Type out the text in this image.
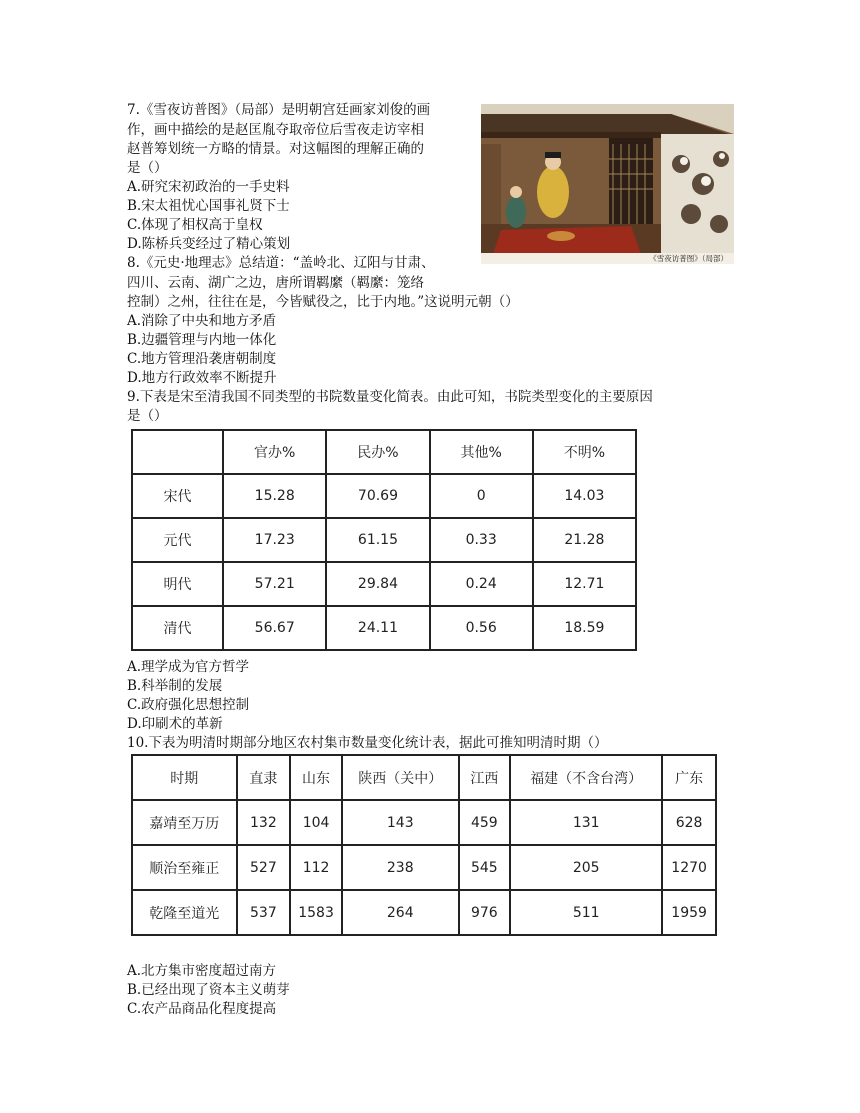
7.《雪夜访普图》（局部）是明朝宫廷画家刘俊的画
作，画中描绘的是赵匡胤夺取帝位后雪夜走访宰相
赵普筹划统一方略的情景。对这幅图的理解正确的
是（）
A.研究宋初政治的一手史料
B.宋太祖忧心国事礼贤下士
C.体现了相权高于皇权
D.陈桥兵变经过了精心策划
《雪夜访普图》（局部）
8.《元史·地理志》总结道：“盖岭北、辽阳与甘肃、
四川、云南、湖广之边，唐所谓羁縻（羁縻：笼络
控制）之州，往往在是，今皆赋役之，比于内地。”这说明元朝（）
A.消除了中央和地方矛盾
B.边疆管理与内地一体化
C.地方管理沿袭唐朝制度
D.地方行政效率不断提升
9.下表是宋至清我国不同类型的书院数量变化简表。由此可知，书院类型变化的主要原因
是（）
	官办%	民办%	其他%	不明%
宋代	15.28	70.69	0	14.03
元代	17.23	61.15	0.33	21.28
明代	57.21	29.84	0.24	12.71
清代	56.67	24.11	0.56	18.59
A.理学成为官方哲学
B.科举制的发展
C.政府强化思想控制
D.印刷术的革新
10.下表为明清时期部分地区农村集市数量变化统计表，据此可推知明清时期（）
时期	直隶	山东	陕西（关中）	江西	福建（不含台湾）	广东
嘉靖至万历	132	104	143	459	131	628
顺治至雍正	527	112	238	545	205	1270
乾隆至道光	537	1583	264	976	511	1959
A.北方集市密度超过南方
B.已经出现了资本主义萌芽
C.农产品商品化程度提高
